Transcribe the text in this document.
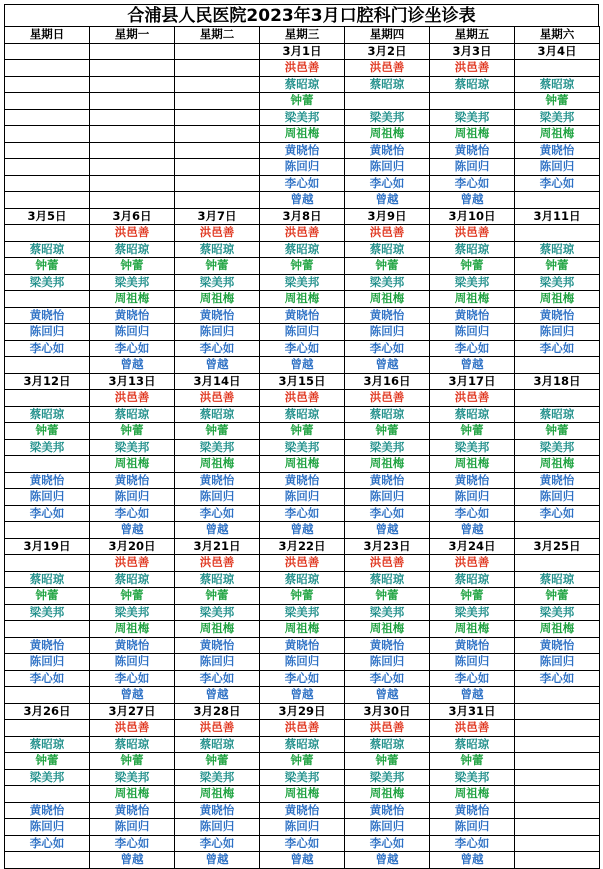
合浦县人民医院2023年3月口腔科门诊坐诊表
星期日	星期一	星期二	星期三	星期四	星期五	星期六
			3月1日	3月2日	3月3日	3月4日
			洪邑善	洪邑善	洪邑善	
			蔡昭琼	蔡昭琼	蔡昭琼	蔡昭琼
			钟蕾			钟蕾
			梁美邦	梁美邦	梁美邦	梁美邦
			周祖梅	周祖梅	周祖梅	周祖梅
			黄晓怡	黄晓怡	黄晓怡	黄晓怡
			陈回归	陈回归	陈回归	陈回归
			李心如	李心如	李心如	李心如
			曾越	曾越	曾越	
3月5日	3月6日	3月7日	3月8日	3月9日	3月10日	3月11日
	洪邑善	洪邑善	洪邑善	洪邑善	洪邑善	
蔡昭琼	蔡昭琼	蔡昭琼	蔡昭琼	蔡昭琼	蔡昭琼	蔡昭琼
钟蕾	钟蕾	钟蕾	钟蕾	钟蕾	钟蕾	钟蕾
梁美邦	梁美邦	梁美邦	梁美邦	梁美邦	梁美邦	梁美邦
	周祖梅	周祖梅	周祖梅	周祖梅	周祖梅	周祖梅
黄晓怡	黄晓怡	黄晓怡	黄晓怡	黄晓怡	黄晓怡	黄晓怡
陈回归	陈回归	陈回归	陈回归	陈回归	陈回归	陈回归
李心如	李心如	李心如	李心如	李心如	李心如	李心如
	曾越	曾越	曾越	曾越	曾越	
3月12日	3月13日	3月14日	3月15日	3月16日	3月17日	3月18日
	洪邑善	洪邑善	洪邑善	洪邑善	洪邑善	
蔡昭琼	蔡昭琼	蔡昭琼	蔡昭琼	蔡昭琼	蔡昭琼	蔡昭琼
钟蕾	钟蕾	钟蕾	钟蕾	钟蕾	钟蕾	钟蕾
梁美邦	梁美邦	梁美邦	梁美邦	梁美邦	梁美邦	梁美邦
	周祖梅	周祖梅	周祖梅	周祖梅	周祖梅	周祖梅
黄晓怡	黄晓怡	黄晓怡	黄晓怡	黄晓怡	黄晓怡	黄晓怡
陈回归	陈回归	陈回归	陈回归	陈回归	陈回归	陈回归
李心如	李心如	李心如	李心如	李心如	李心如	李心如
	曾越	曾越	曾越	曾越	曾越	
3月19日	3月20日	3月21日	3月22日	3月23日	3月24日	3月25日
	洪邑善	洪邑善	洪邑善	洪邑善	洪邑善	
蔡昭琼	蔡昭琼	蔡昭琼	蔡昭琼	蔡昭琼	蔡昭琼	蔡昭琼
钟蕾	钟蕾	钟蕾	钟蕾	钟蕾	钟蕾	钟蕾
梁美邦	梁美邦	梁美邦	梁美邦	梁美邦	梁美邦	梁美邦
	周祖梅	周祖梅	周祖梅	周祖梅	周祖梅	周祖梅
黄晓怡	黄晓怡	黄晓怡	黄晓怡	黄晓怡	黄晓怡	黄晓怡
陈回归	陈回归	陈回归	陈回归	陈回归	陈回归	陈回归
李心如	李心如	李心如	李心如	李心如	李心如	李心如
	曾越	曾越	曾越	曾越	曾越	
3月26日	3月27日	3月28日	3月29日	3月30日	3月31日	
	洪邑善	洪邑善	洪邑善	洪邑善	洪邑善	
蔡昭琼	蔡昭琼	蔡昭琼	蔡昭琼	蔡昭琼	蔡昭琼	
钟蕾	钟蕾	钟蕾	钟蕾	钟蕾	钟蕾	
梁美邦	梁美邦	梁美邦	梁美邦	梁美邦	梁美邦	
	周祖梅	周祖梅	周祖梅	周祖梅	周祖梅	
黄晓怡	黄晓怡	黄晓怡	黄晓怡	黄晓怡	黄晓怡	
陈回归	陈回归	陈回归	陈回归	陈回归	陈回归	
李心如	李心如	李心如	李心如	李心如	李心如	
	曾越	曾越	曾越	曾越	曾越	
